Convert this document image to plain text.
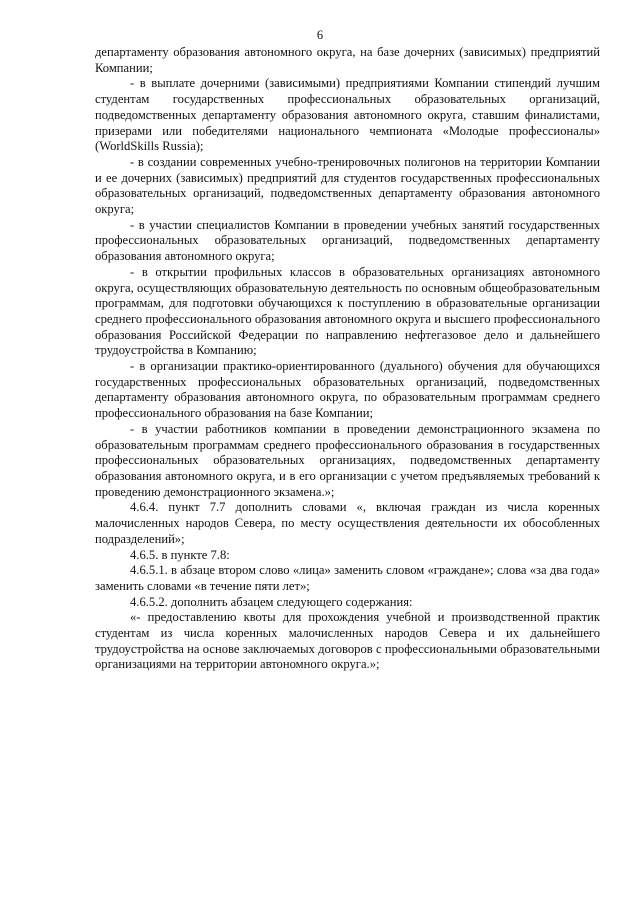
6

департаменту образования автономного округа, на базе дочерних (зависимых) предприятий Компании;

- в выплате дочерними (зависимыми) предприятиями Компании стипендий лучшим студентам государственных профессиональных образовательных организаций, подведомственных департаменту образования автономного округа, ставшим финалистами, призерами или победителями национального чемпионата «Молодые профессионалы» (WorldSkills Russia);

- в создании современных учебно-тренировочных полигонов на территории Компании и ее дочерних (зависимых) предприятий для студентов государственных профессиональных образовательных организаций, подведомственных департаменту образования автономного округа;

- в участии специалистов Компании в проведении учебных занятий государственных профессиональных образовательных организаций, подведомственных департаменту образования автономного округа;

- в открытии профильных классов в образовательных организациях автономного округа, осуществляющих образовательную деятельность по основным общеобразовательным программам, для подготовки обучающихся к поступлению в образовательные организации среднего профессионального образования автономного округа и высшего профессионального образования Российской Федерации по направлению нефтегазовое дело и дальнейшего трудоустройства в Компанию;

- в организации практико-ориентированного (дуального) обучения для обучающихся государственных профессиональных образовательных организаций, подведомственных департаменту образования автономного округа, по образовательным программам среднего профессионального образования на базе Компании;

- в участии работников компании в проведении демонстрационного экзамена по образовательным программам среднего профессионального образования в государственных профессиональных образовательных организациях, подведомственных департаменту образования автономного округа, и в его организации с учетом предъявляемых требований к проведению демонстрационного экзамена.»;

4.6.4. пункт 7.7 дополнить словами «, включая граждан из числа коренных малочисленных народов Севера, по месту осуществления деятельности их обособленных подразделений»;

4.6.5. в пункте 7.8:

4.6.5.1. в абзаце втором слово «лица» заменить словом «граждане»; слова «за два года» заменить словами «в течение пяти лет»;

4.6.5.2. дополнить абзацем следующего содержания:

«- предоставлению квоты для прохождения учебной и производственной практик студентам из числа коренных малочисленных народов Севера и их дальнейшего трудоустройства на основе заключаемых договоров с профессиональными образовательными организациями на территории автономного округа.»;
